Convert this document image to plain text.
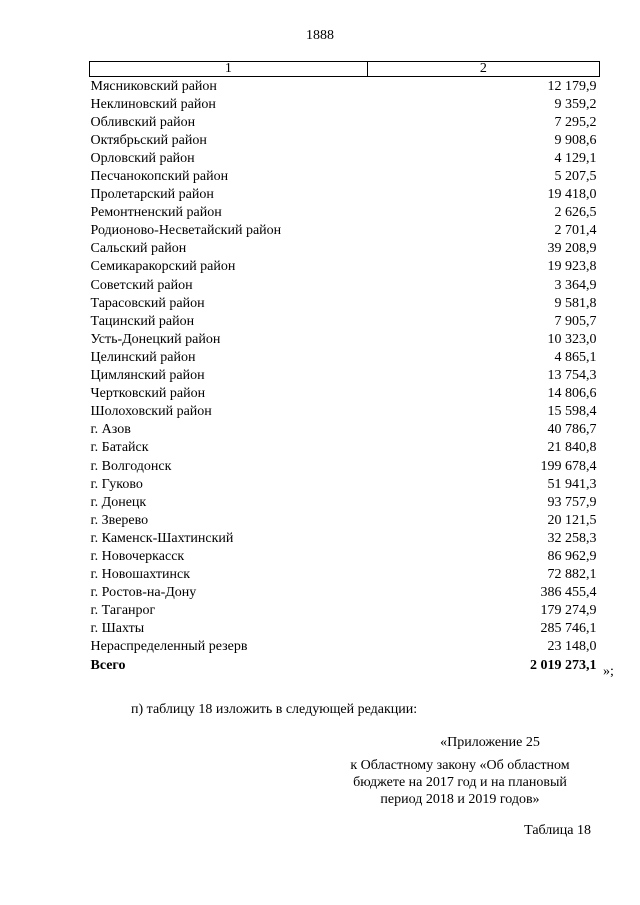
1888
1	2
Мясниковский район	12 179,9
Неклиновский район	9 359,2
Обливский район	7 295,2
Октябрьский район	9 908,6
Орловский район	4 129,1
Песчанокопский район	5 207,5
Пролетарский район	19 418,0
Ремонтненский район	2 626,5
Родионово-Несветайский район	2 701,4
Сальский район	39 208,9
Семикаракорский район	19 923,8
Советский район	3 364,9
Тарасовский район	9 581,8
Тацинский район	7 905,7
Усть-Донецкий район	10 323,0
Целинский район	4 865,1
Цимлянский район	13 754,3
Чертковский район	14 806,6
Шолоховский район	15 598,4
г. Азов	40 786,7
г. Батайск	21 840,8
г. Волгодонск	199 678,4
г. Гуково	51 941,3
г. Донецк	93 757,9
г. Зверево	20 121,5
г. Каменск-Шахтинский	32 258,3
г. Новочеркасск	86 962,9
г. Новошахтинск	72 882,1
г. Ростов-на-Дону	386 455,4
г. Таганрог	179 274,9
г. Шахты	285 746,1
Нераспределенный резерв	23 148,0
Всего	2 019 273,1 »;
п) таблицу 18 изложить в следующей редакции:
«Приложение 25
к Областному закону «Об областном
бюджете на 2017 год и на плановый
период 2018 и 2019 годов»
Таблица 18
